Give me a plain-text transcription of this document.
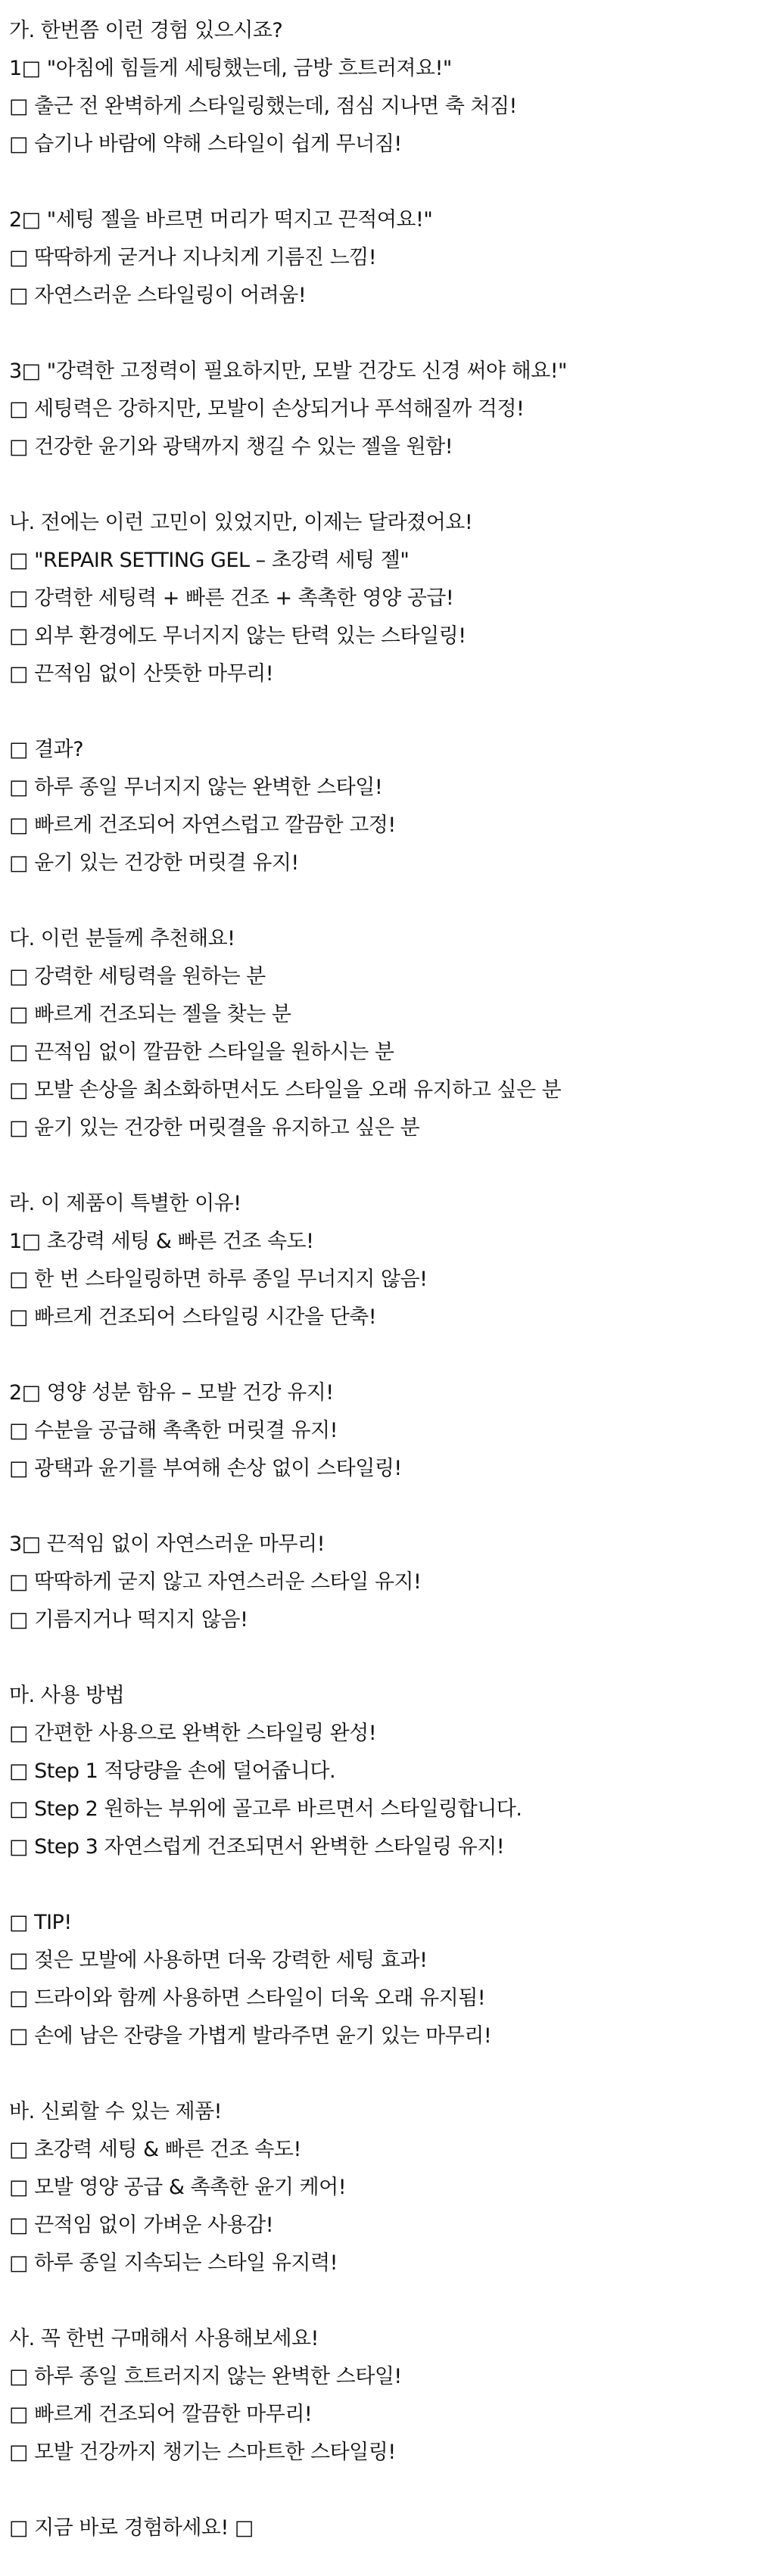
가. 한번쯤 이런 경험 있으시죠?
1□ "아침에 힘들게 세팅했는데, 금방 흐트러져요!"
□ 출근 전 완벽하게 스타일링했는데, 점심 지나면 축 처짐!
□ 습기나 바람에 약해 스타일이 쉽게 무너짐!
2□ "세팅 젤을 바르면 머리가 떡지고 끈적여요!"
□ 딱딱하게 굳거나 지나치게 기름진 느낌!
□ 자연스러운 스타일링이 어려움!
3□ "강력한 고정력이 필요하지만, 모발 건강도 신경 써야 해요!"
□ 세팅력은 강하지만, 모발이 손상되거나 푸석해질까 걱정!
□ 건강한 윤기와 광택까지 챙길 수 있는 젤을 원함!
나. 전에는 이런 고민이 있었지만, 이제는 달라졌어요!
□ "REPAIR SETTING GEL – 초강력 세팅 젤"
□ 강력한 세팅력 + 빠른 건조 + 촉촉한 영양 공급!
□ 외부 환경에도 무너지지 않는 탄력 있는 스타일링!
□ 끈적임 없이 산뜻한 마무리!
□ 결과?
□ 하루 종일 무너지지 않는 완벽한 스타일!
□ 빠르게 건조되어 자연스럽고 깔끔한 고정!
□ 윤기 있는 건강한 머릿결 유지!
다. 이런 분들께 추천해요!
□ 강력한 세팅력을 원하는 분
□ 빠르게 건조되는 젤을 찾는 분
□ 끈적임 없이 깔끔한 스타일을 원하시는 분
□ 모발 손상을 최소화하면서도 스타일을 오래 유지하고 싶은 분
□ 윤기 있는 건강한 머릿결을 유지하고 싶은 분
라. 이 제품이 특별한 이유!
1□ 초강력 세팅 & 빠른 건조 속도!
□ 한 번 스타일링하면 하루 종일 무너지지 않음!
□ 빠르게 건조되어 스타일링 시간을 단축!
2□ 영양 성분 함유 – 모발 건강 유지!
□ 수분을 공급해 촉촉한 머릿결 유지!
□ 광택과 윤기를 부여해 손상 없이 스타일링!
3□ 끈적임 없이 자연스러운 마무리!
□ 딱딱하게 굳지 않고 자연스러운 스타일 유지!
□ 기름지거나 떡지지 않음!
마. 사용 방법
□ 간편한 사용으로 완벽한 스타일링 완성!
□ Step 1 적당량을 손에 덜어줍니다.
□ Step 2 원하는 부위에 골고루 바르면서 스타일링합니다.
□ Step 3 자연스럽게 건조되면서 완벽한 스타일링 유지!
□ TIP!
□ 젖은 모발에 사용하면 더욱 강력한 세팅 효과!
□ 드라이와 함께 사용하면 스타일이 더욱 오래 유지됨!
□ 손에 남은 잔량을 가볍게 발라주면 윤기 있는 마무리!
바. 신뢰할 수 있는 제품!
□ 초강력 세팅 & 빠른 건조 속도!
□ 모발 영양 공급 & 촉촉한 윤기 케어!
□ 끈적임 없이 가벼운 사용감!
□ 하루 종일 지속되는 스타일 유지력!
사. 꼭 한번 구매해서 사용해보세요!
□ 하루 종일 흐트러지지 않는 완벽한 스타일!
□ 빠르게 건조되어 깔끔한 마무리!
□ 모발 건강까지 챙기는 스마트한 스타일링!
□ 지금 바로 경험하세요! □
